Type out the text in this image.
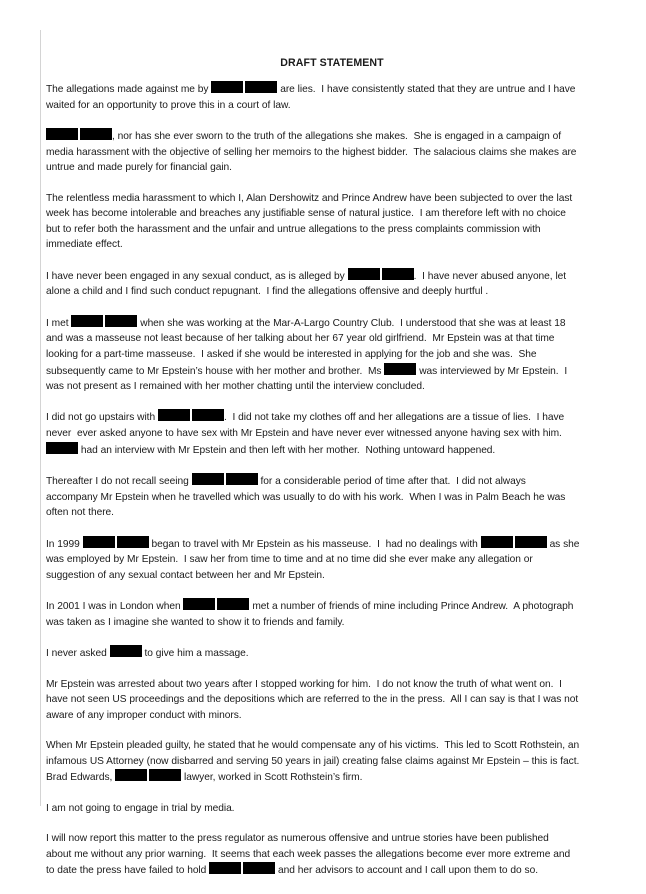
DRAFT STATEMENT
The allegations made against me by	are lies.  I have consistently stated that they are untrue and I have
waited for an opportunity to prove this in a court of law.
, nor has she ever sworn to the truth of the allegations she makes.  She is engaged in a campaign of
media harassment with the objective of selling her memoirs to the highest bidder.  The salacious claims she makes are
untrue and made purely for financial gain.
The relentless media harassment to which I, Alan Dershowitz and Prince Andrew have been subjected to over the last
week has become intolerable and breaches any justifiable sense of natural justice.  I am therefore left with no choice
but to refer both the harassment and the unfair and untrue allegations to the press complaints commission with
immediate effect.
I have never been engaged in any sexual conduct, as is alleged by	.  I have never abused anyone, let
alone a child and I find such conduct repugnant.  I find the allegations offensive and deeply hurtful .
I met	when she was working at the Mar-A-Largo Country Club.  I understood that she was at least 18
and was a masseuse not least because of her talking about her 67 year old girlfriend.  Mr Epstein was at that time
looking for a part-time masseuse.  I asked if she would be interested in applying for the job and she was.  She
subsequently came to Mr Epstein’s house with her mother and brother.  Ms	was interviewed by Mr Epstein.  I
was not present as I remained with her mother chatting until the interview concluded.
I did not go upstairs with	.  I did not take my clothes off and her allegations are a tissue of lies.  I have
never  ever asked anyone to have sex with Mr Epstein and have never ever witnessed anyone having sex with him.
had an interview with Mr Epstein and then left with her mother.  Nothing untoward happened.
Thereafter I do not recall seeing	for a considerable period of time after that.  I did not always
accompany Mr Epstein when he travelled which was usually to do with his work.  When I was in Palm Beach he was
often not there.
In 1999	began to travel with Mr Epstein as his masseuse.  I  had no dealings with	as she
was employed by Mr Epstein.  I saw her from time to time and at no time did she ever make any allegation or
suggestion of any sexual contact between her and Mr Epstein.
In 2001 I was in London when	met a number of friends of mine including Prince Andrew.  A photograph
was taken as I imagine she wanted to show it to friends and family.
I never asked	to give him a massage.
Mr Epstein was arrested about two years after I stopped working for him.  I do not know the truth of what went on.  I
have not seen US proceedings and the depositions which are referred to the in the press.  All I can say is that I was not
aware of any improper conduct with minors.
When Mr Epstein pleaded guilty, he stated that he would compensate any of his victims.  This led to Scott Rothstein, an
infamous US Attorney (now disbarred and serving 50 years in jail) creating false claims against Mr Epstein – this is fact.
Brad Edwards,	lawyer, worked in Scott Rothstein’s firm.
I am not going to engage in trial by media.
I will now report this matter to the press regulator as numerous offensive and untrue stories have been published
about me without any prior warning.  It seems that each week passes the allegations become ever more extreme and
to date the press have failed to hold	and her advisors to account and I call upon them to do so.
